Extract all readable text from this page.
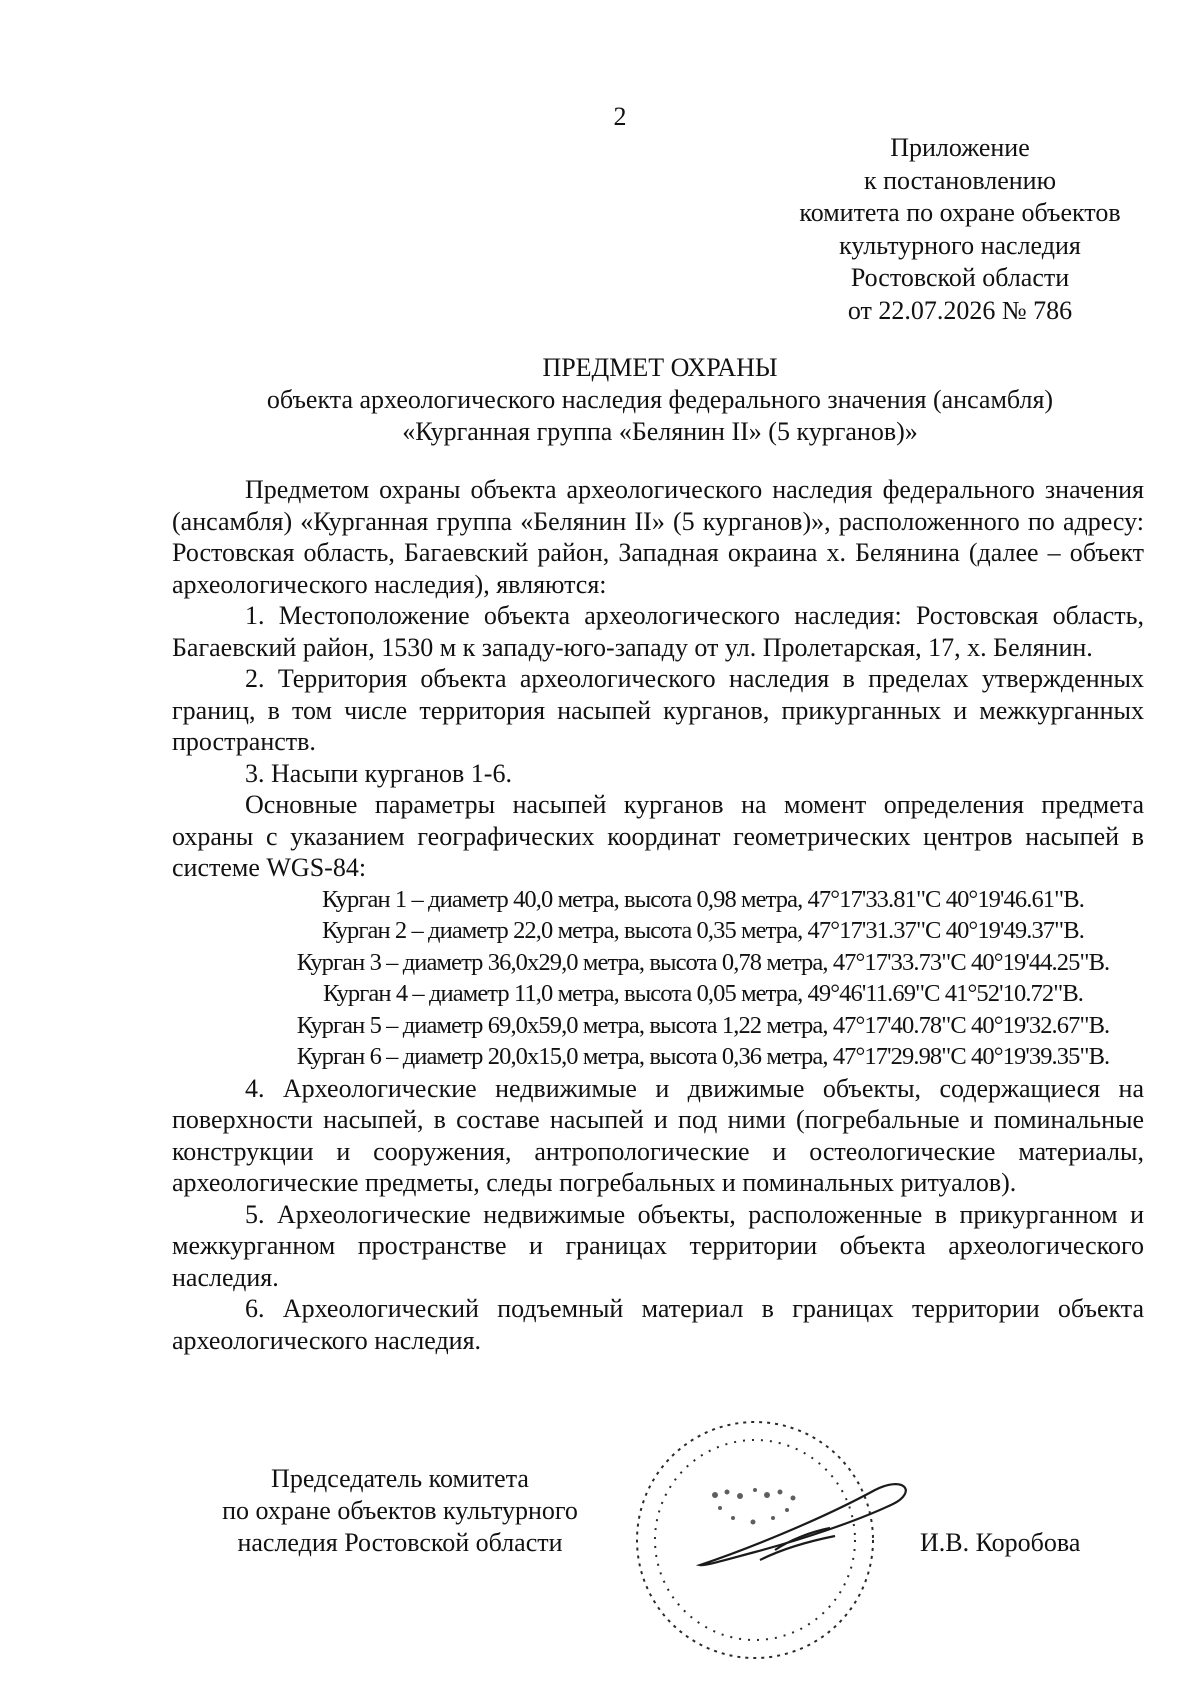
2
Приложение
к постановлению
комитета по охране объектов
культурного наследия
Ростовской области
от 22.07.2026 № 786
ПРЕДМЕТ ОХРАНЫ
объекта археологического наследия федерального значения (ансамбля)
«Курганная группа «Белянин II» (5 курганов)»

Предметом охраны объекта археологического наследия федерального значения (ансамбля) «Курганная группа «Белянин II» (5 курганов)», расположенного по адресу: Ростовская область, Багаевский район, Западная окраина х. Белянина (далее – объект археологического наследия), являются:

1. Местоположение объекта археологического наследия: Ростовская область, Багаевский район, 1530 м к западу-юго-западу от ул. Пролетарская, 17, х. Белянин.

2. Территория объекта археологического наследия в пределах утвержденных границ, в том числе территория насыпей курганов, прикурганных и межкурганных пространств.

3. Насыпи курганов 1-6.

Основные параметры насыпей курганов на момент определения предмета охраны с указанием географических координат геометрических центров насыпей в системе WGS-84:

Курган 1 – диаметр 40,0 метра, высота 0,98 метра, 47°17'33.81"С 40°19'46.61"В.
Курган 2 – диаметр 22,0 метра, высота 0,35 метра, 47°17'31.37"С 40°19'49.37"В.
Курган 3 – диаметр 36,0х29,0 метра, высота 0,78 метра, 47°17'33.73"С 40°19'44.25"В.
Курган 4 – диаметр 11,0 метра, высота 0,05 метра, 49°46'11.69"С 41°52'10.72"В.
Курган 5 – диаметр 69,0х59,0 метра, высота 1,22 метра, 47°17'40.78"С 40°19'32.67"В.
Курган 6 – диаметр 20,0х15,0 метра, высота 0,36 метра, 47°17'29.98"С 40°19'39.35"В.

4. Археологические недвижимые и движимые объекты, содержащиеся на поверхности насыпей, в составе насыпей и под ними (погребальные и поминальные конструкции и сооружения, антропологические и остеологические материалы, археологические предметы, следы погребальных и поминальных ритуалов).

5. Археологические недвижимые объекты, расположенные в прикурганном и межкурганном пространстве и границах территории объекта археологического наследия.

6. Археологический подъемный материал в границах территории объекта археологического наследия.

Председатель комитета
по охране объектов культурного
наследия Ростовской области	И.В. Коробова
